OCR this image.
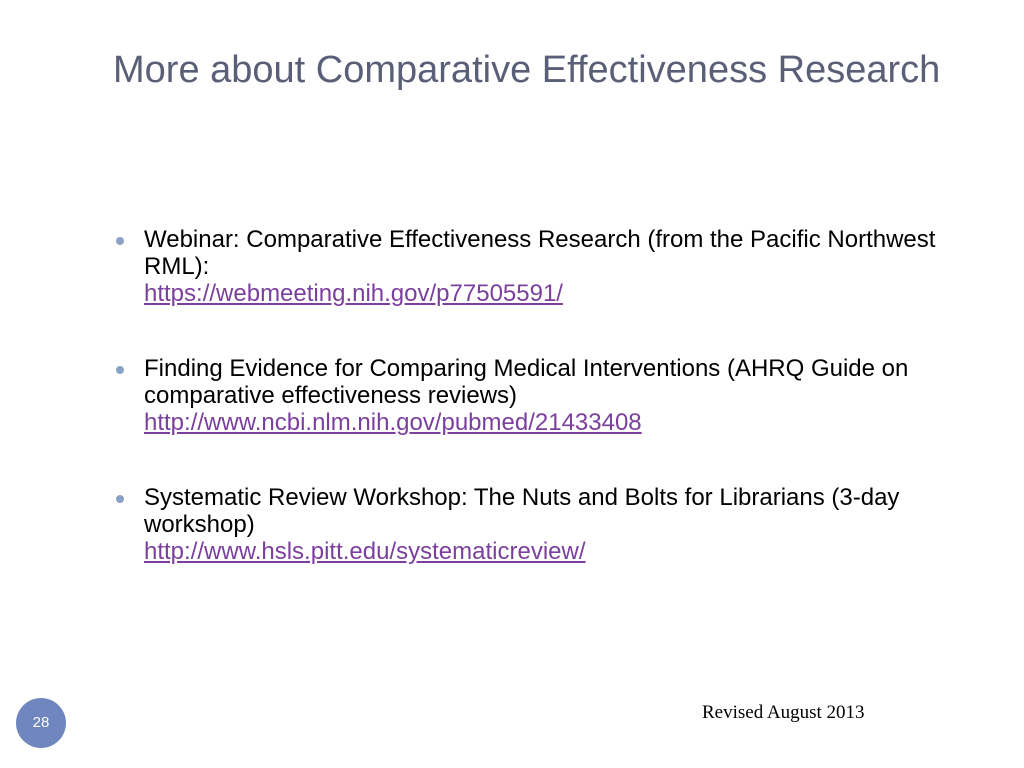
More about Comparative Effectiveness Research
Webinar: Comparative Effectiveness Research (from the Pacific Northwest RML):
https://webmeeting.nih.gov/p77505591/
Finding Evidence for Comparing Medical Interventions (AHRQ Guide on comparative effectiveness reviews)
http://www.ncbi.nlm.nih.gov/pubmed/21433408
Systematic Review Workshop: The Nuts and Bolts for Librarians (3-day workshop)
http://www.hsls.pitt.edu/systematicreview/
28	Revised August 2013
